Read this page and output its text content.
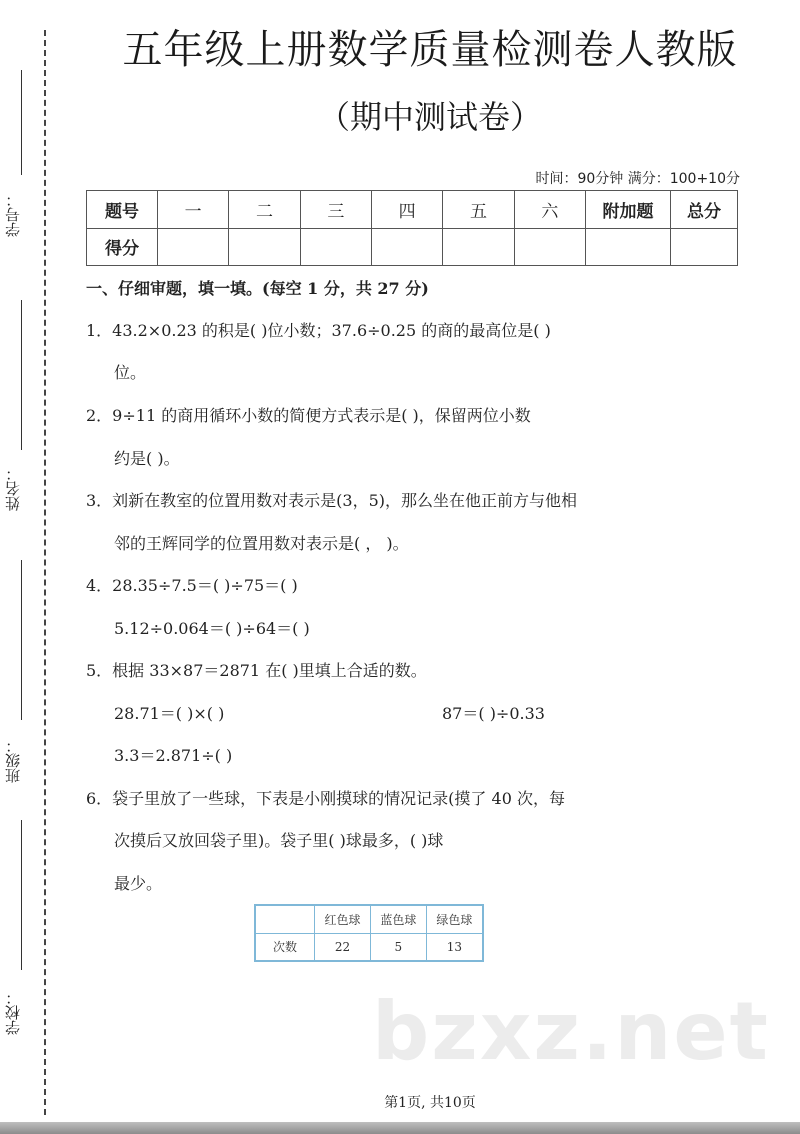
学号：
姓名：
班级：
学校：
五年级上册数学质量检测卷人教版
（期中测试卷）
时间：90分钟 满分：100+10分
题号	一	二	三	四	五	六	附加题	总分
得分								
一、仔细审题，填一填。(每空 1 分，共 27 分)
1．43.2×0.23 的积是( )位小数；37.6÷0.25 的商的最高位是( )
位。
2．9÷11 的商用循环小数的简便方式表示是( )，保留两位小数
约是( )。
3．刘新在教室的位置用数对表示是(3，5)，那么坐在他正前方与他相
邻的王辉同学的位置用数对表示是( ， )。
4．28.35÷7.5＝( )÷75＝( )
5.12÷0.064＝( )÷64＝( )
5．根据 33×87＝2871 在( )里填上合适的数。
28.71＝( )×( )	87＝( )÷0.33
3.3＝2.871÷( )
6．袋子里放了一些球，下表是小刚摸球的情况记录(摸了 40 次，每
次摸后又放回袋子里)。袋子里( )球最多，( )球
最少。
	红色球	蓝色球	绿色球
次数	22	5	13
bzxz.net
第1页, 共10页
